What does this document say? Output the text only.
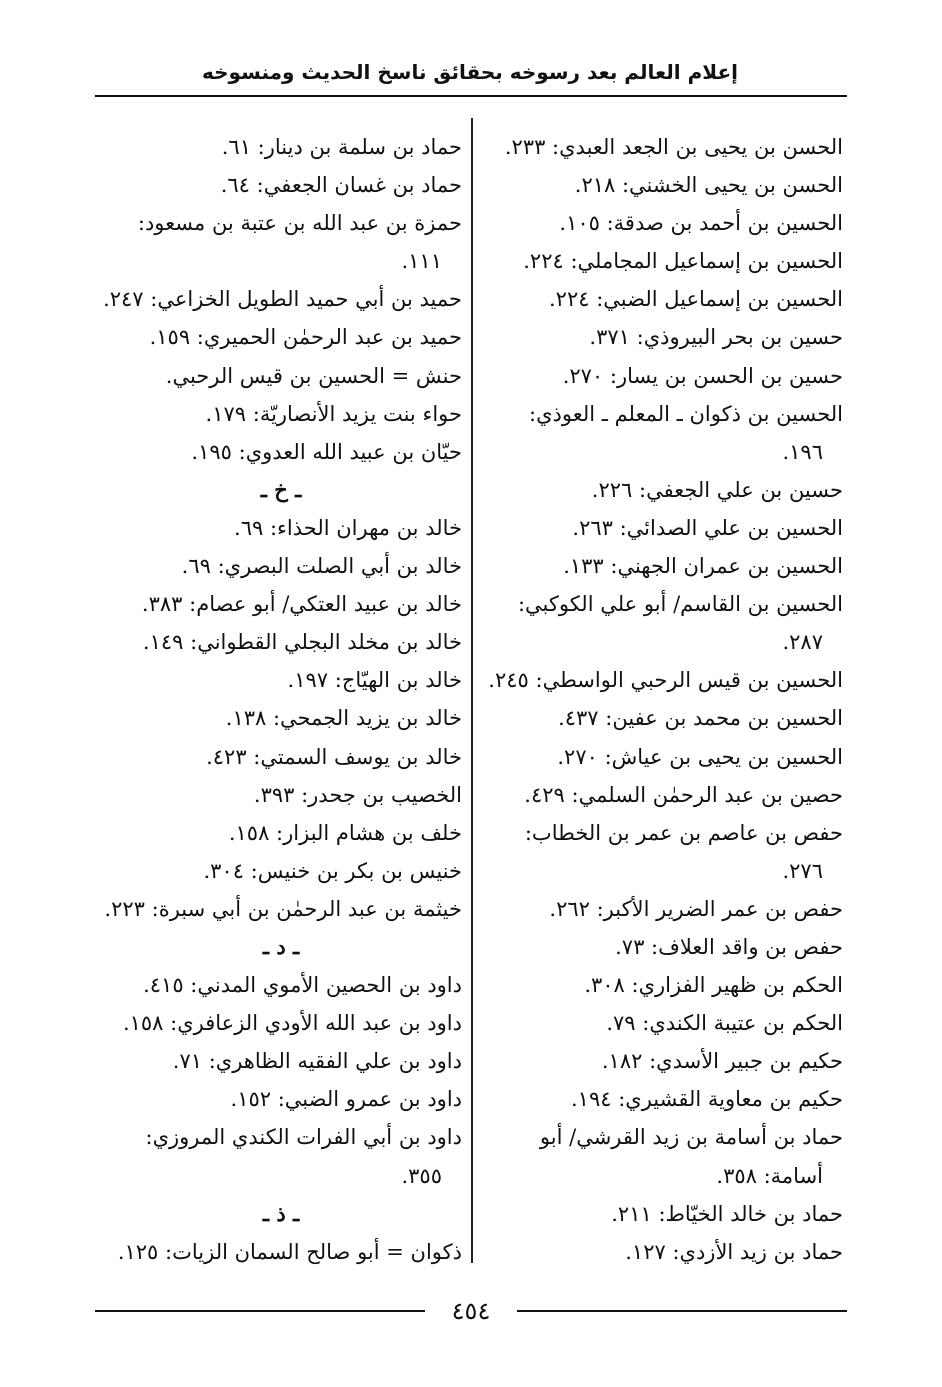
إعلام العالم بعد رسوخه بحقائق ناسخ الحديث ومنسوخه
الحسن بن يحيى بن الجعد العبدي: ٢٣٣.
الحسن بن يحيى الخشني: ٢١٨.
الحسين بن أحمد بن صدقة: ١٠٥.
الحسين بن إسماعيل المجاملي: ٢٢٤.
الحسين بن إسماعيل الضبي: ٢٢٤.
حسين بن بحر البيروذي: ٣٧١.
حسين بن الحسن بن يسار: ٢٧٠.
الحسين بن ذكوان ـ المعلم ـ العوذي:
١٩٦.
حسين بن علي الجعفي: ٢٢٦.
الحسين بن علي الصدائي: ٢٦٣.
الحسين بن عمران الجهني: ١٣٣.
الحسين بن القاسم/ أبو علي الكوكبي:
٢٨٧.
الحسين بن قيس الرحبي الواسطي: ٢٤٥.
الحسين بن محمد بن عفين: ٤٣٧.
الحسين بن يحيى بن عياش: ٢٧٠.
حصين بن عبد الرحمٰن السلمي: ٤٢٩.
حفص بن عاصم بن عمر بن الخطاب:
٢٧٦.
حفص بن عمر الضرير الأكبر: ٢٦٢.
حفص بن واقد العلاف: ٧٣.
الحكم بن ظهير الفزاري: ٣٠٨.
الحكم بن عتيبة الكندي: ٧٩.
حكيم بن جبير الأسدي: ١٨٢.
حكيم بن معاوية القشيري: ١٩٤.
حماد بن أسامة بن زيد القرشي/ أبو
أسامة: ٣٥٨.
حماد بن خالد الخيّاط: ٢١١.
حماد بن زيد الأزدي: ١٢٧.
حماد بن سلمة بن دينار: ٦١.
حماد بن غسان الجعفي: ٦٤.
حمزة بن عبد الله بن عتبة بن مسعود:
١١١.
حميد بن أبي حميد الطويل الخزاعي: ٢٤٧.
حميد بن عبد الرحمٰن الحميري: ١٥٩.
حنش = الحسين بن قيس الرحبي.
حواء بنت يزيد الأنصاريّة: ١٧٩.
حيّان بن عبيد الله العدوي: ١٩٥.
ـ خ ـ
خالد بن مهران الحذاء: ٦٩.
خالد بن أبي الصلت البصري: ٦٩.
خالد بن عبيد العتكي/ أبو عصام: ٣٨٣.
خالد بن مخلد البجلي القطواني: ١٤٩.
خالد بن الهيّاج: ١٩٧.
خالد بن يزيد الجمحي: ١٣٨.
خالد بن يوسف السمتي: ٤٢٣.
الخصيب بن جحدر: ٣٩٣.
خلف بن هشام البزار: ١٥٨.
خنيس بن بكر بن خنيس: ٣٠٤.
خيثمة بن عبد الرحمٰن بن أبي سبرة: ٢٢٣.
ـ د ـ
داود بن الحصين الأموي المدني: ٤١٥.
داود بن عبد الله الأودي الزعافري: ١٥٨.
داود بن علي الفقيه الظاهري: ٧١.
داود بن عمرو الضبي: ١٥٢.
داود بن أبي الفرات الكندي المروزي:
٣٥٥.
ـ ذ ـ
ذكوان = أبو صالح السمان الزيات: ١٢٥.
٤٥٤
